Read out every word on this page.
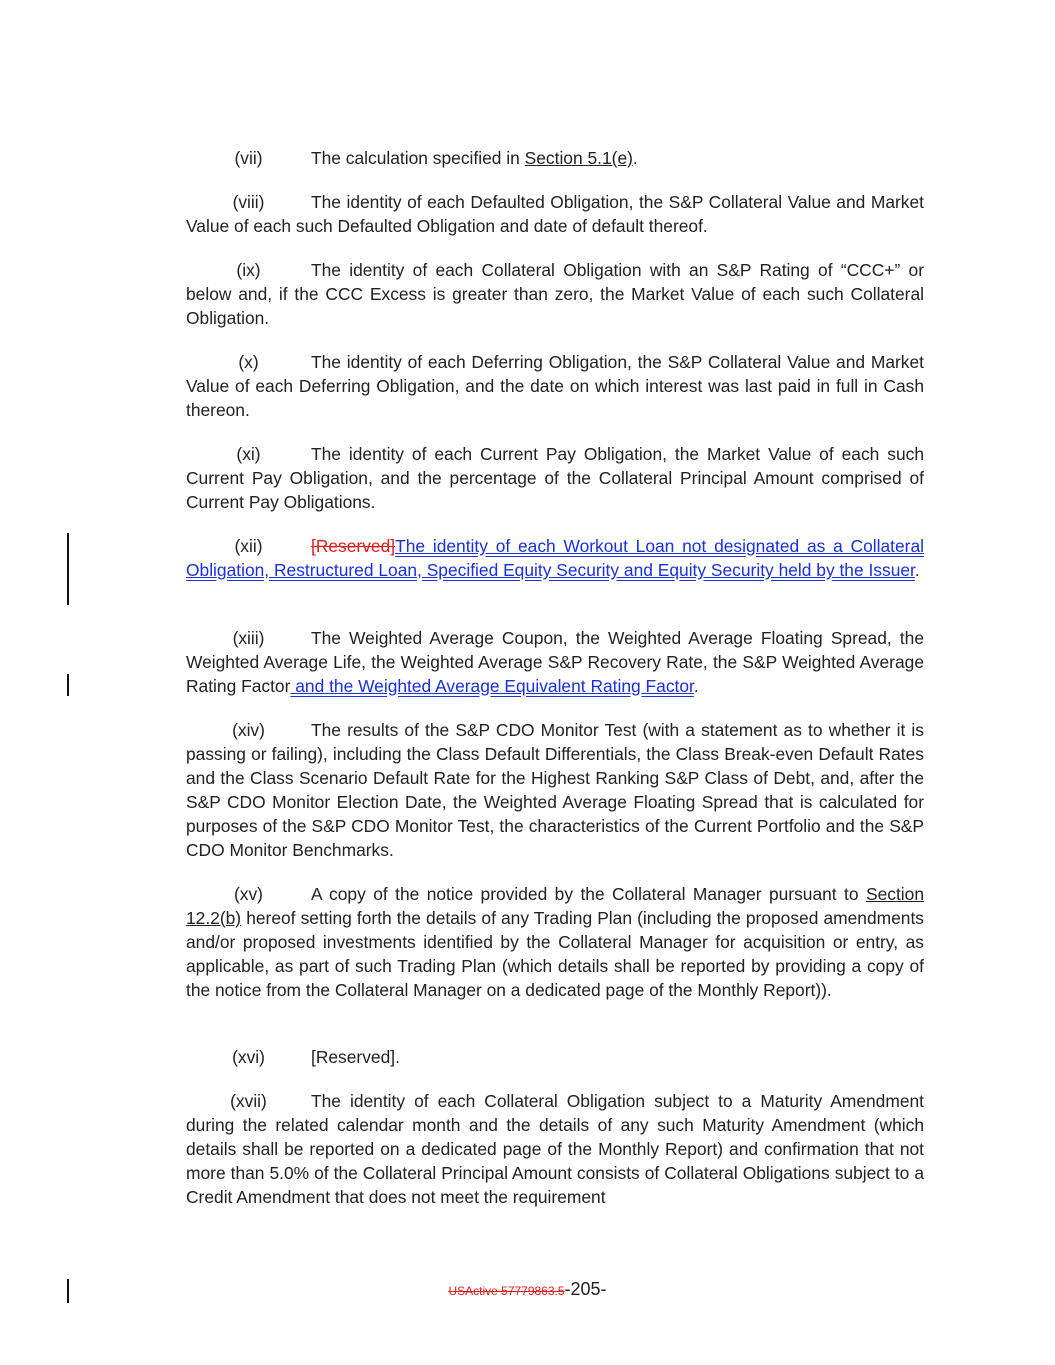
(vii)	The calculation specified in Section 5.1(e).

(viii)	The identity of each Defaulted Obligation, the S&P Collateral Value and Market Value of each such Defaulted Obligation and date of default thereof.

(ix)	The identity of each Collateral Obligation with an S&P Rating of “CCC+” or below and, if the CCC Excess is greater than zero, the Market Value of each such Collateral Obligation.

(x)	The identity of each Deferring Obligation, the S&P Collateral Value and Market Value of each Deferring Obligation, and the date on which interest was last paid in full in Cash thereon.

(xi)	The identity of each Current Pay Obligation, the Market Value of each such Current Pay Obligation, and the percentage of the Collateral Principal Amount comprised of Current Pay Obligations.

(xii)	[Reserved]The identity of each Workout Loan not designated as a Collateral Obligation, Restructured Loan, Specified Equity Security and Equity Security held by the Issuer.

(xiii)	The Weighted Average Coupon, the Weighted Average Floating Spread, the Weighted Average Life, the Weighted Average S&P Recovery Rate, the S&P Weighted Average Rating Factor and the Weighted Average Equivalent Rating Factor.

(xiv)	The results of the S&P CDO Monitor Test (with a statement as to whether it is passing or failing), including the Class Default Differentials, the Class Break-even Default Rates and the Class Scenario Default Rate for the Highest Ranking S&P Class of Debt, and, after the S&P CDO Monitor Election Date, the Weighted Average Floating Spread that is calculated for purposes of the S&P CDO Monitor Test, the characteristics of the Current Portfolio and the S&P CDO Monitor Benchmarks.

(xv)	A copy of the notice provided by the Collateral Manager pursuant to Section 12.2(b) hereof setting forth the details of any Trading Plan (including the proposed amendments and/or proposed investments identified by the Collateral Manager for acquisition or entry, as applicable, as part of such Trading Plan (which details shall be reported by providing a copy of the notice from the Collateral Manager on a dedicated page of the Monthly Report)).

(xvi)	[Reserved].

(xvii)	The identity of each Collateral Obligation subject to a Maturity Amendment during the related calendar month and the details of any such Maturity Amendment (which details shall be reported on a dedicated page of the Monthly Report) and confirmation that not more than 5.0% of the Collateral Principal Amount consists of Collateral Obligations subject to a Credit Amendment that does not meet the requirement

USActive 57779863.5-205-
